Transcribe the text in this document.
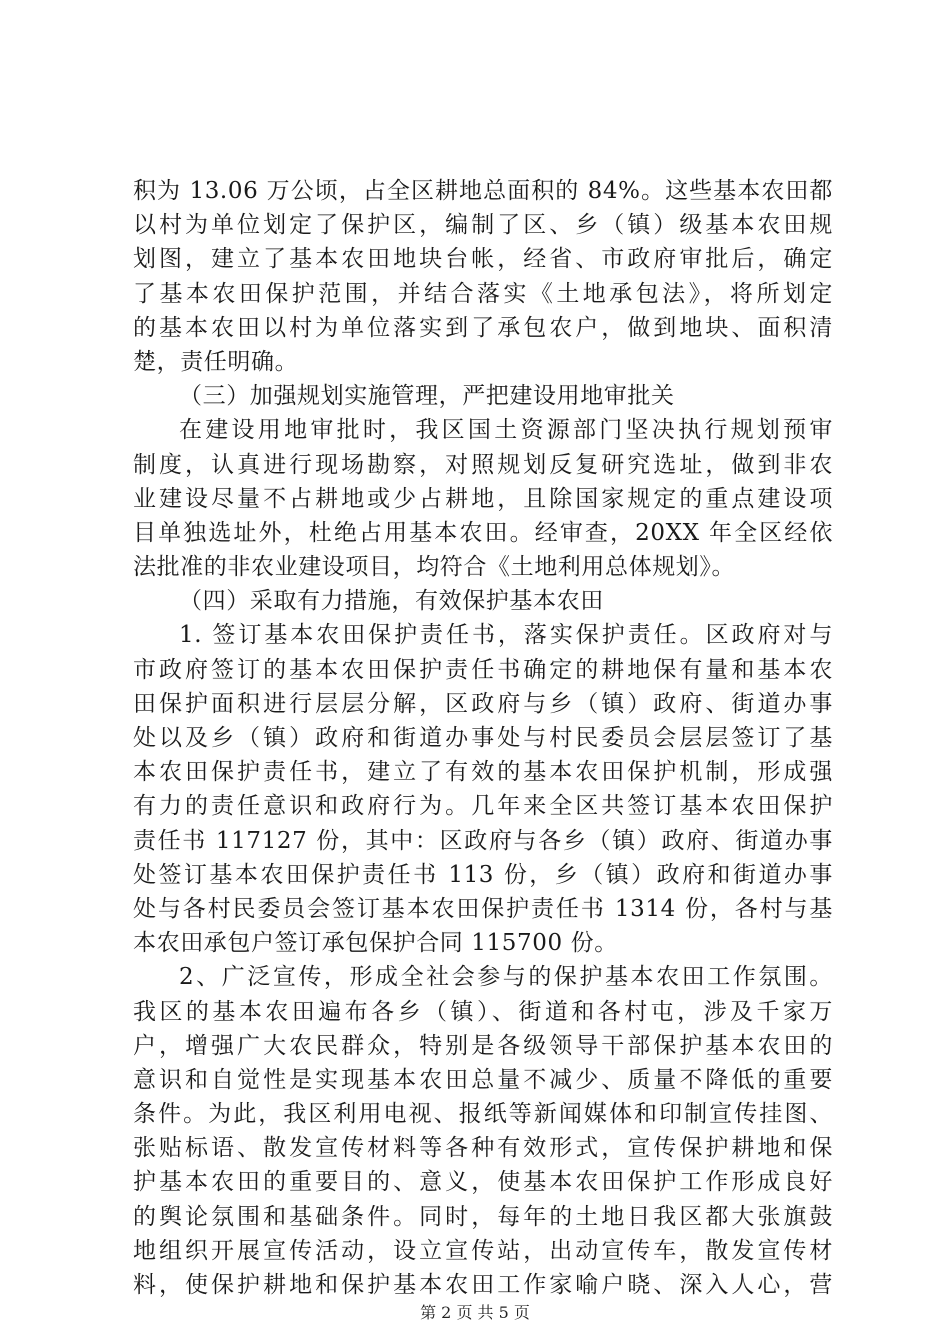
积为 13.06 万公顷，占全区耕地总面积的 84%。这些基本农田都
以村为单位划定了保护区，编制了区、乡（镇）级基本农田规
划图，建立了基本农田地块台帐，经省、市政府审批后，确定
了基本农田保护范围，并结合落实《土地承包法》，将所划定
的基本农田以村为单位落实到了承包农户，做到地块、面积清
楚，责任明确。
（三）加强规划实施管理，严把建设用地审批关
在建设用地审批时，我区国土资源部门坚决执行规划预审
制度，认真进行现场勘察，对照规划反复研究选址，做到非农
业建设尽量不占耕地或少占耕地，且除国家规定的重点建设项
目单独选址外，杜绝占用基本农田。经审查，20XX 年全区经依
法批准的非农业建设项目，均符合《土地利用总体规划》。
（四）采取有力措施，有效保护基本农田
1. 签订基本农田保护责任书，落实保护责任。区政府对与
市政府签订的基本农田保护责任书确定的耕地保有量和基本农
田保护面积进行层层分解，区政府与乡（镇）政府、街道办事
处以及乡（镇）政府和街道办事处与村民委员会层层签订了基
本农田保护责任书，建立了有效的基本农田保护机制，形成强
有力的责任意识和政府行为。几年来全区共签订基本农田保护
责任书 117127 份，其中：区政府与各乡（镇）政府、街道办事
处签订基本农田保护责任书 113 份，乡（镇）政府和街道办事
处与各村民委员会签订基本农田保护责任书 1314 份，各村与基
本农田承包户签订承包保护合同 115700 份。
2、广泛宣传，形成全社会参与的保护基本农田工作氛围。
我区的基本农田遍布各乡（镇）、街道和各村屯，涉及千家万
户，增强广大农民群众，特别是各级领导干部保护基本农田的
意识和自觉性是实现基本农田总量不减少、质量不降低的重要
条件。为此，我区利用电视、报纸等新闻媒体和印制宣传挂图、
张贴标语、散发宣传材料等各种有效形式，宣传保护耕地和保
护基本农田的重要目的、意义，使基本农田保护工作形成良好
的舆论氛围和基础条件。同时，每年的土地日我区都大张旗鼓
地组织开展宣传活动，设立宣传站，出动宣传车，散发宣传材
料，使保护耕地和保护基本农田工作家喻户晓、深入人心，营
第 2 页 共 5 页
